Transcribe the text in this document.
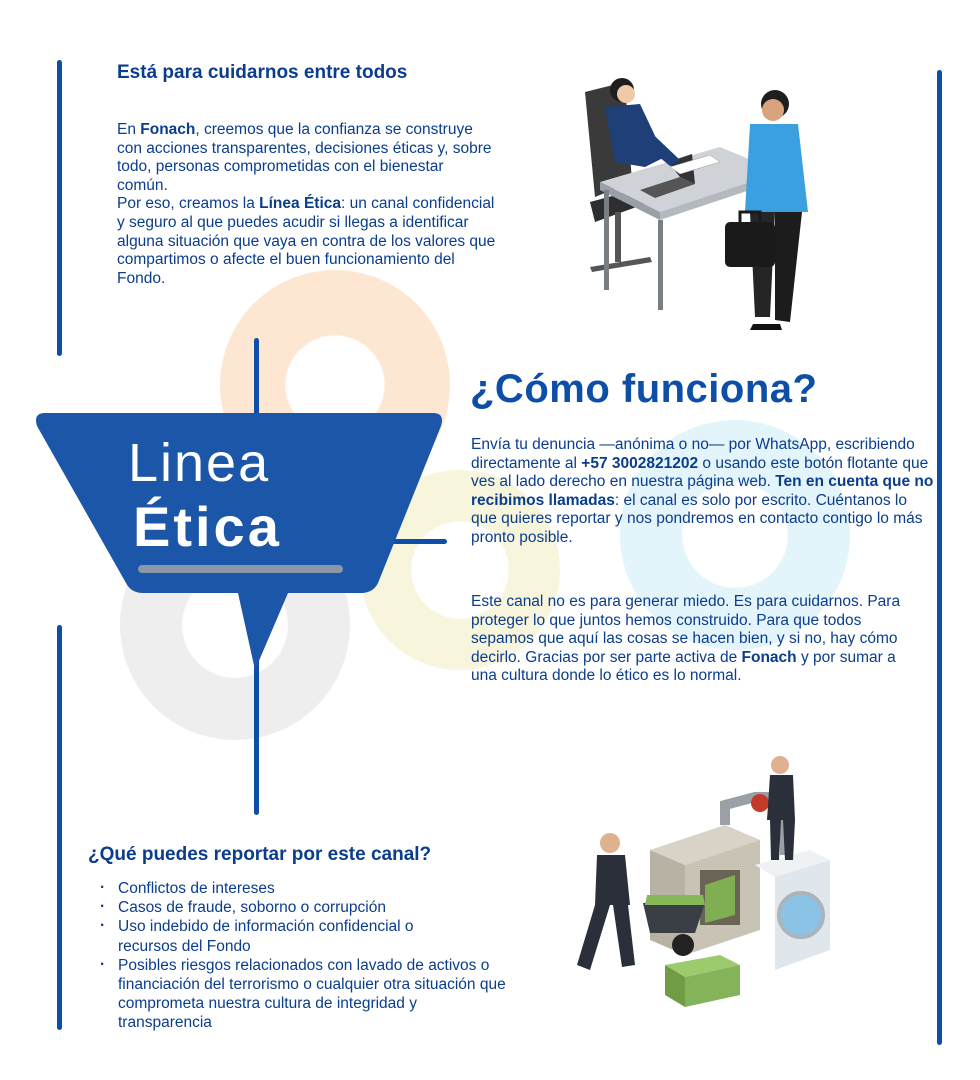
Está para cuidarnos entre todos
En Fonach, creemos que la confianza se construye con acciones transparentes, decisiones éticas y, sobre todo, personas comprometidas con el bienestar común.
Por eso, creamos la Línea Ética: un canal confidencial y seguro al que puedes acudir si llegas a identificar alguna situación que vaya en contra de los valores que compartimos o afecte el buen funcionamiento del Fondo.
Linea
Ética
¿Cómo funciona?
Envía tu denuncia —anónima o no— por WhatsApp, escribiendo directamente al +57 3002821202 o usando este botón flotante que ves al lado derecho en nuestra página web. Ten en cuenta que no recibimos llamadas: el canal es solo por escrito. Cuéntanos lo que quieres reportar y nos pondremos en contacto contigo lo más pronto posible.
Este canal no es para generar miedo. Es para cuidarnos. Para proteger lo que juntos hemos construido. Para que todos sepamos que aquí las cosas se hacen bien, y si no, hay cómo decirlo. Gracias por ser parte activa de Fonach y por sumar a una cultura donde lo ético es lo normal.
¿Qué puedes reportar por este canal?
· Conflictos de intereses
· Casos de fraude, soborno o corrupción
· Uso indebido de información confidencial o recursos del Fondo
· Posibles riesgos relacionados con lavado de activos o financiación del terrorismo o cualquier otra situación que comprometa nuestra cultura de integridad y transparencia
